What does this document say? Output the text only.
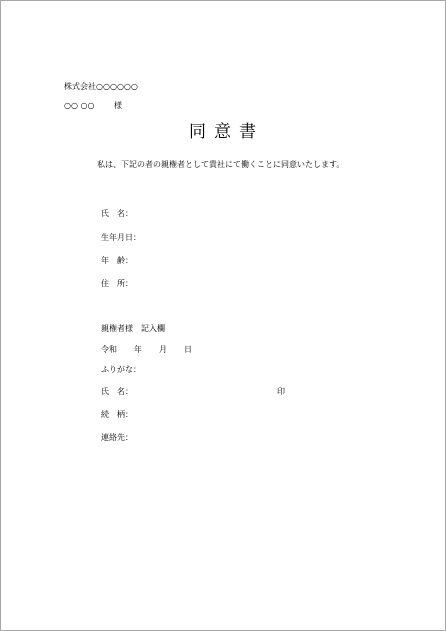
株式会社○○○○○○
○○ ○○ 様
同意書
私は、下記の者の親権者として貴社にて働くことに同意いたします。
氏　名：
生年月日：
年　齢：
住　所：
親権者様　記入欄
令和 年 月 日
ふりがな：
氏　名：	印
続　柄：
連絡先：
